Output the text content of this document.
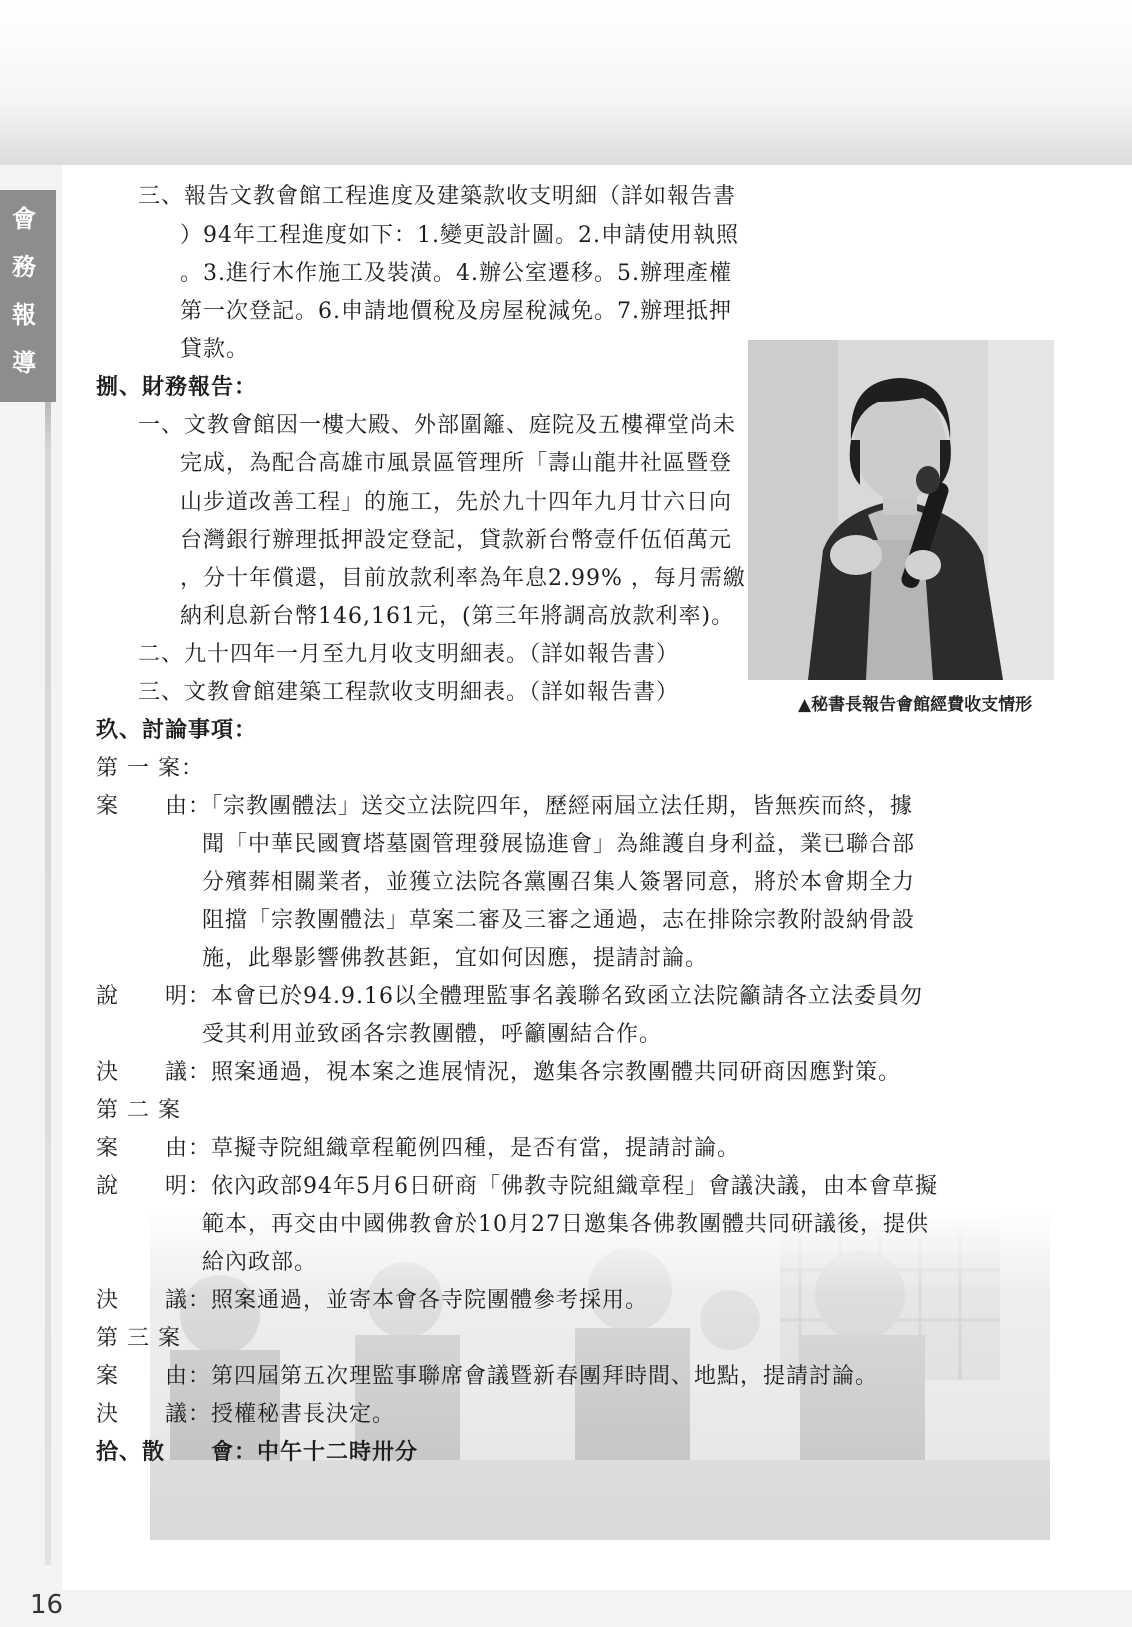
會
務
報
導
▲秘書長報告會館經費收支情形
三、報告文教會館工程進度及建築款收支明細（詳如報告書
）94年工程進度如下：1.變更設計圖。2.申請使用執照
。3.進行木作施工及裝潢。4.辦公室遷移。5.辦理產權
第一次登記。6.申請地價稅及房屋稅減免。7.辦理抵押
貸款。
捌、財務報告：
一、文教會館因一樓大殿、外部圍籬、庭院及五樓禪堂尚未
完成，為配合高雄市風景區管理所「壽山龍井社區暨登
山步道改善工程」的施工，先於九十四年九月廿六日向
台灣銀行辦理抵押設定登記，貸款新台幣壹仟伍佰萬元
，分十年償還，目前放款利率為年息2.99% ，每月需繳
納利息新台幣146,161元，(第三年將調高放款利率)。
二、九十四年一月至九月收支明細表。（詳如報告書）
三、文教會館建築工程款收支明細表。（詳如報告書）
玖、討論事項：
第 一 案：
案　　由：「宗教團體法」送交立法院四年，歷經兩屆立法任期，皆無疾而終，據
聞「中華民國寶塔墓園管理發展協進會」為維護自身利益，業已聯合部
分殯葬相關業者，並獲立法院各黨團召集人簽署同意，將於本會期全力
阻擋「宗教團體法」草案二審及三審之通過，志在排除宗教附設納骨設
施，此舉影響佛教甚鉅，宜如何因應，提請討論。
說　　明：本會已於94.9.16以全體理監事名義聯名致函立法院籲請各立法委員勿
受其利用並致函各宗教團體，呼籲團結合作。
決　　議：照案通過，視本案之進展情況，邀集各宗教團體共同研商因應對策。
第 二 案
案　　由：草擬寺院組織章程範例四種，是否有當，提請討論。
說　　明：依內政部94年5月6日研商「佛教寺院組織章程」會議決議，由本會草擬
範本，再交由中國佛教會於10月27日邀集各佛教團體共同研議後，提供
給內政部。
決　　議：照案通過，並寄本會各寺院團體參考採用。
第 三 案
案　　由：第四屆第五次理監事聯席會議暨新春團拜時間、地點，提請討論。
決　　議：授權秘書長決定。
拾、散　　會：中午十二時卅分
16
